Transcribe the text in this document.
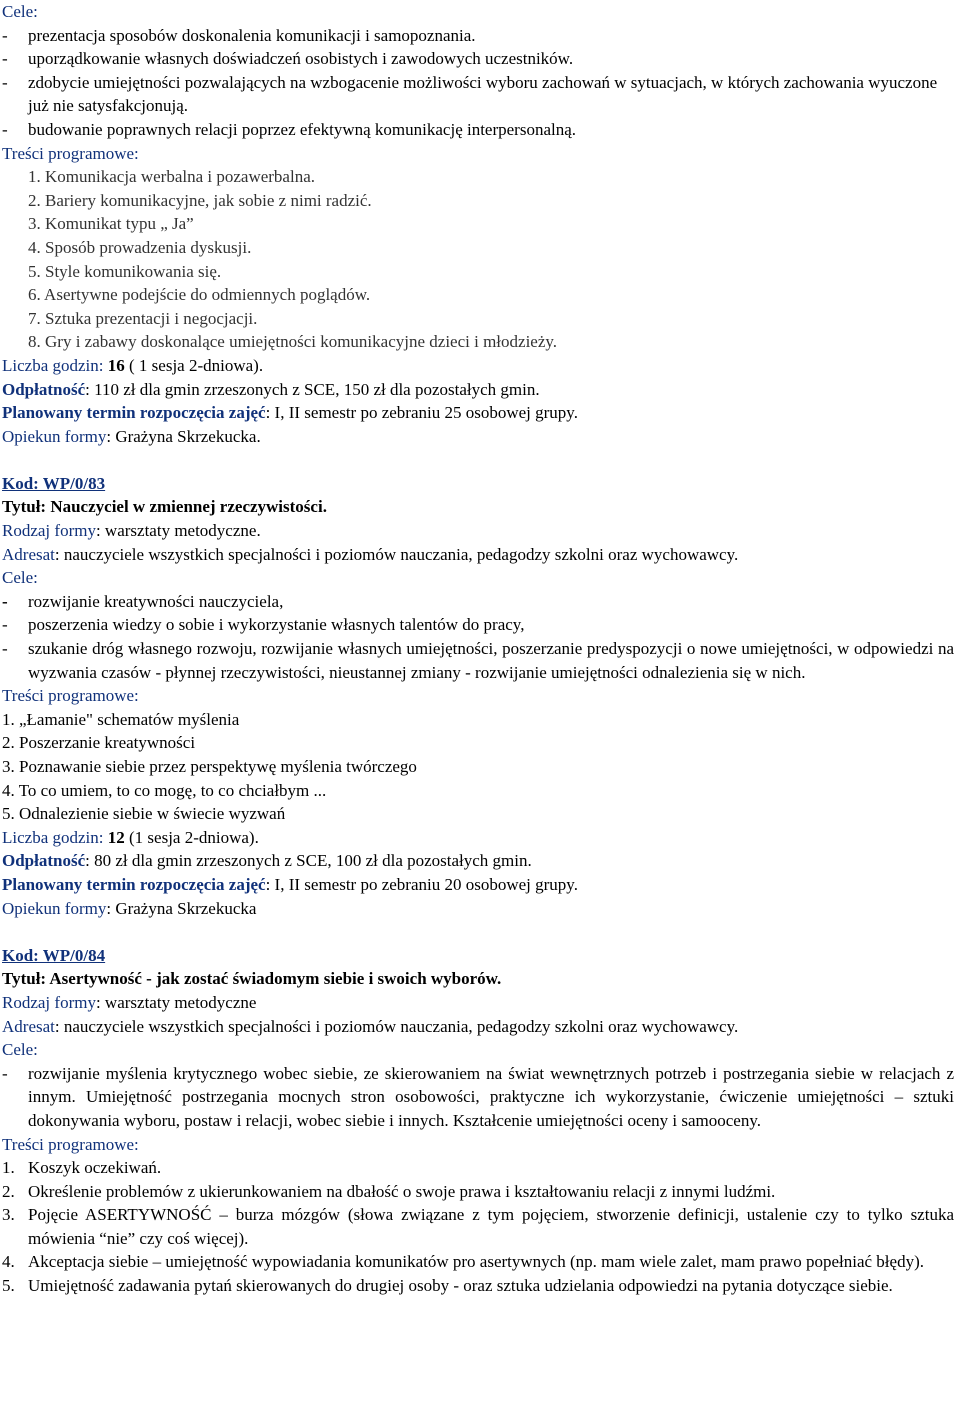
Cele:
-	prezentacja sposobów doskonalenia komunikacji i samopoznania.
-	uporządkowanie własnych doświadczeń osobistych i zawodowych uczestników.
-	zdobycie umiejętności pozwalających na wzbogacenie możliwości wyboru zachowań w sytuacjach, w których zachowania wyuczone już nie satysfakcjonują.
-	budowanie poprawnych relacji poprzez efektywną komunikację interpersonalną.
Treści programowe:
1. Komunikacja werbalna i pozawerbalna.
2. Bariery komunikacyjne, jak sobie z nimi radzić.
3. Komunikat typu „ Ja”
4. Sposób prowadzenia dyskusji.
5. Style komunikowania się.
6. Asertywne podejście do odmiennych poglądów.
7. Sztuka prezentacji i negocjacji.
8. Gry i zabawy doskonalące umiejętności komunikacyjne dzieci i młodzieży.
Liczba godzin: 16 ( 1 sesja 2-dniowa).
Odpłatność: 110 zł dla gmin zrzeszonych z SCE, 150 zł dla pozostałych gmin.
Planowany termin rozpoczęcia zajęć: I, II semestr po zebraniu 25 osobowej grupy.
Opiekun formy: Grażyna Skrzekucka.
Kod: WP/0/83
Tytuł: Nauczyciel w zmiennej rzeczywistości.
Rodzaj formy: warsztaty metodyczne.
Adresat: nauczyciele wszystkich specjalności i poziomów nauczania, pedagodzy szkolni oraz wychowawcy.
Cele:
-	rozwijanie kreatywności nauczyciela,
-	poszerzenia wiedzy o sobie i wykorzystanie własnych talentów do pracy,
-	szukanie dróg własnego rozwoju, rozwijanie własnych umiejętności, poszerzanie predyspozycji o nowe umiejętności, w odpowiedzi na wyzwania czasów - płynnej rzeczywistości, nieustannej zmiany - rozwijanie umiejętności odnalezienia się w nich.
Treści programowe:
1. „Łamanie" schematów myślenia
2. Poszerzanie kreatywności
3. Poznawanie siebie przez perspektywę myślenia twórczego
4. To co umiem, to co mogę, to co chciałbym ...
5. Odnalezienie siebie w świecie wyzwań
Liczba godzin: 12 (1 sesja 2-dniowa).
Odpłatność: 80 zł dla gmin zrzeszonych z SCE, 100 zł dla pozostałych gmin.
Planowany termin rozpoczęcia zajęć: I, II semestr po zebraniu 20 osobowej grupy.
Opiekun formy: Grażyna Skrzekucka
Kod: WP/0/84
Tytuł: Asertywność - jak zostać świadomym siebie i swoich wyborów.
Rodzaj formy: warsztaty metodyczne
Adresat: nauczyciele wszystkich specjalności i poziomów nauczania, pedagodzy szkolni oraz wychowawcy.
Cele:
-	rozwijanie myślenia krytycznego wobec siebie, ze skierowaniem na świat wewnętrznych potrzeb i postrzegania siebie w relacjach z innym. Umiejętność postrzegania mocnych stron osobowości, praktyczne ich wykorzystanie, ćwiczenie umiejętności – sztuki dokonywania wyboru, postaw i relacji, wobec siebie i innych. Kształcenie umiejętności oceny i samooceny.
Treści programowe:
1. Koszyk oczekiwań.
2. Określenie problemów z ukierunkowaniem na dbałość o swoje prawa i kształtowaniu relacji z innymi ludźmi.
3. Pojęcie ASERTYWNOŚĆ – burza mózgów (słowa związane z tym pojęciem, stworzenie definicji, ustalenie czy to tylko sztuka mówienia “nie” czy coś więcej).
4. Akceptacja siebie – umiejętność wypowiadania komunikatów pro asertywnych (np. mam wiele zalet, mam prawo popełniać błędy).
5. Umiejętność zadawania pytań skierowanych do drugiej osoby - oraz sztuka udzielania odpowiedzi na pytania dotyczące siebie.
